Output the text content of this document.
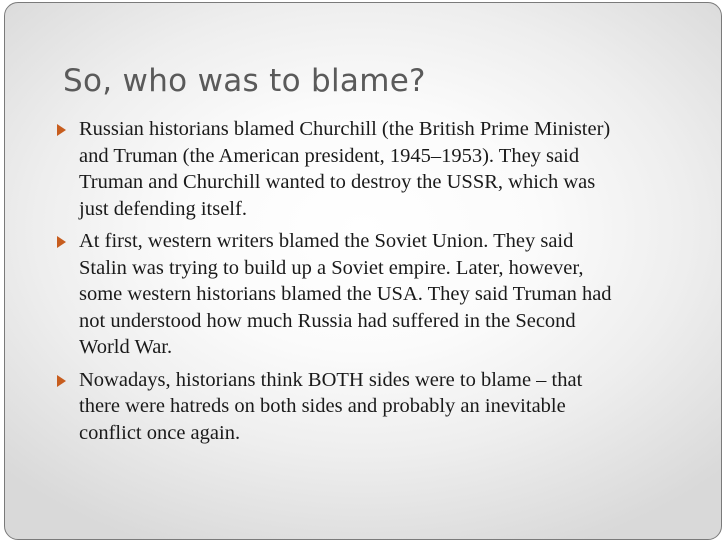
So, who was to blame?
Russian historians blamed Churchill (the British Prime Minister)
and Truman (the American president, 1945–1953). They said
Truman and Churchill wanted to destroy the USSR, which was
just defending itself.
At first, western writers blamed the Soviet Union. They said
Stalin was trying to build up a Soviet empire. Later, however,
some western historians blamed the USA. They said Truman had
not understood how much Russia had suffered in the Second
World War.
Nowadays, historians think BOTH sides were to blame – that
there were hatreds on both sides and probably an inevitable
conflict once again.
